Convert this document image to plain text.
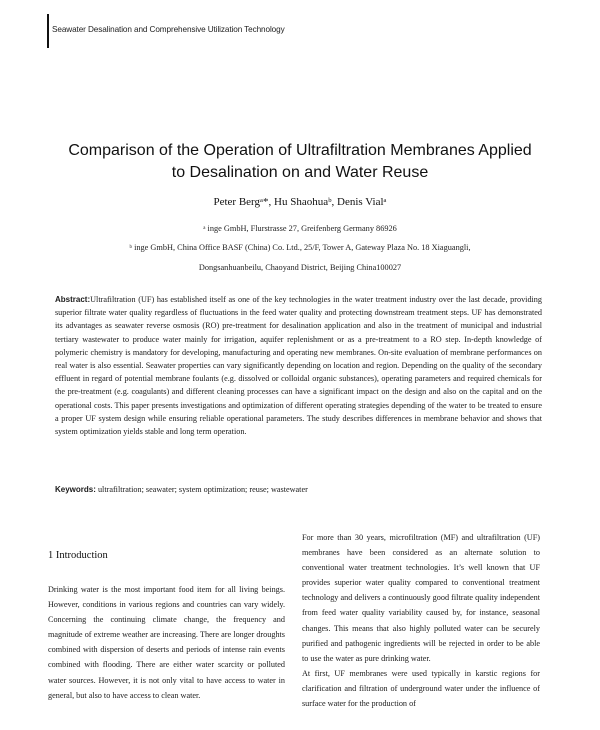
Seawater Desalination and Comprehensive Utilization Technology
Comparison of the Operation of Ultrafiltration Membranes Applied
to Desalination on and Water Reuse
Peter Bergᵃ*, Hu Shaohuaᵇ, Denis Vialᵃ
ᵃ inge GmbH, Flurstrasse 27, Greifenberg Germany 86926
ᵇ inge GmbH, China Office BASF (China) Co. Ltd., 25/F, Tower A, Gateway Plaza No. 18 Xiaguangli,
Dongsanhuanbeilu, Chaoyand District, Beijing China100027
Abstract:Ultrafiltration (UF) has established itself as one of the key technologies in the water treatment industry over the last decade, providing superior filtrate water quality regardless of fluctuations in the feed water quality and protecting downstream treatment steps. UF has demonstrated its advantages as seawater reverse osmosis (RO) pre-treatment for desalination application and also in the treatment of municipal and industrial tertiary wastewater to produce water mainly for irrigation, aquifer replenishment or as a pre-treatment to a RO step. In-depth knowledge of polymeric chemistry is mandatory for developing, manufacturing and operating new membranes. On-site evaluation of membrane performances on real water is also essential. Seawater properties can vary significantly depending on location and region. Depending on the quality of the secondary effluent in regard of potential membrane foulants (e.g. dissolved or colloidal organic substances), operating parameters and required chemicals for the pre-treatment (e.g. coagulants) and different cleaning processes can have a significant impact on the design and also on the capital and on the operational costs. This paper presents investigations and optimization of different operating strategies depending of the water to be treated to ensure a proper UF system design while ensuring reliable operational parameters. The study describes differences in membrane behavior and shows that system optimization yields stable and long term operation.
Keywords: ultrafiltration; seawater; system optimization; reuse; wastewater
1 Introduction

Drinking water is the most important food item for all living beings. However, conditions in various regions and countries can vary widely. Concerning the continuing climate change, the frequency and magnitude of extreme weather are increasing. There are longer droughts combined with dispersion of deserts and periods of intense rain events combined with flooding. There are either water scarcity or polluted water sources. However, it is not only vital to have access to water in general, but also to have access to clean water.

For more than 30 years, microfiltration (MF) and ultrafiltration (UF) membranes have been considered as an alternate solution to conventional water treatment technologies. It’s well known that UF provides superior water quality compared to conventional treatment technology and delivers a continuously good filtrate quality independent from feed water quality variability caused by, for instance, seasonal changes. This means that also highly polluted water can be securely purified and pathogenic ingredients will be rejected in order to be able to use the water as pure drinking water.

At first, UF membranes were used typically in karstic regions for clarification and filtration of underground water under the influence of surface water for the production of
